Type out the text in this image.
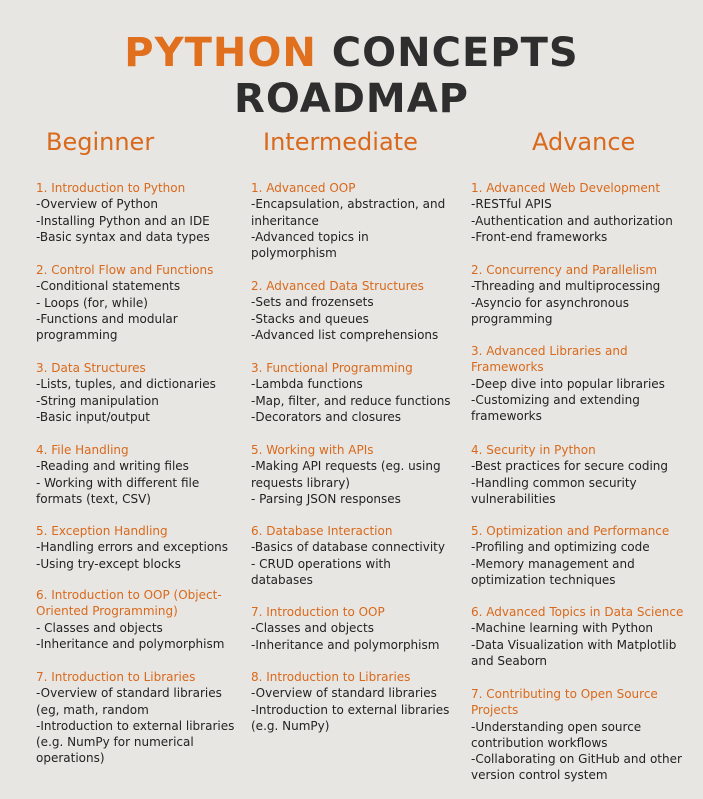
PYTHON CONCEPTS
ROADMAP
Beginner	Intermediate	Advance
1. Introduction to Python
-Overview of Python
-Installing Python and an IDE
-Basic syntax and data types
2. Control Flow and Functions
-Conditional statements
- Loops (for, while)
-Functions and modular
programming
3. Data Structures
-Lists, tuples, and dictionaries
-String manipulation
-Basic input/output
4. File Handling
-Reading and writing files
- Working with different file
formats (text, CSV)
5. Exception Handling
-Handling errors and exceptions
-Using try-except blocks
6. Introduction to OOP (Object-
Oriented Programming)
- Classes and objects
-Inheritance and polymorphism
7. Introduction to Libraries
-Overview of standard libraries
(eg, math, random
-Introduction to external libraries
(e.g. NumPy for numerical
operations)
1. Advanced OOP
-Encapsulation, abstraction, and
inheritance
-Advanced topics in
polymorphism
2. Advanced Data Structures
-Sets and frozensets
-Stacks and queues
-Advanced list comprehensions
3. Functional Programming
-Lambda functions
-Map, filter, and reduce functions
-Decorators and closures
5. Working with APIs
-Making API requests (eg. using
requests library)
- Parsing JSON responses
6. Database Interaction
-Basics of database connectivity
- CRUD operations with
databases
7. Introduction to OOP
-Classes and objects
-Inheritance and polymorphism
8. Introduction to Libraries
-Overview of standard libraries
-Introduction to external libraries
(e.g. NumPy)
1. Advanced Web Development
-RESTful APIS
-Authentication and authorization
-Front-end frameworks
2. Concurrency and Parallelism
-Threading and multiprocessing
-Asyncio for asynchronous
programming
3. Advanced Libraries and
Frameworks
-Deep dive into popular libraries
-Customizing and extending
frameworks
4. Security in Python
-Best practices for secure coding
-Handling common security
vulnerabilities
5. Optimization and Performance
-Profiling and optimizing code
-Memory management and
optimization techniques
6. Advanced Topics in Data Science
-Machine learning with Python
-Data Visualization with Matplotlib
and Seaborn
7. Contributing to Open Source
Projects
-Understanding open source
contribution workflows
-Collaborating on GitHub and other
version control system
